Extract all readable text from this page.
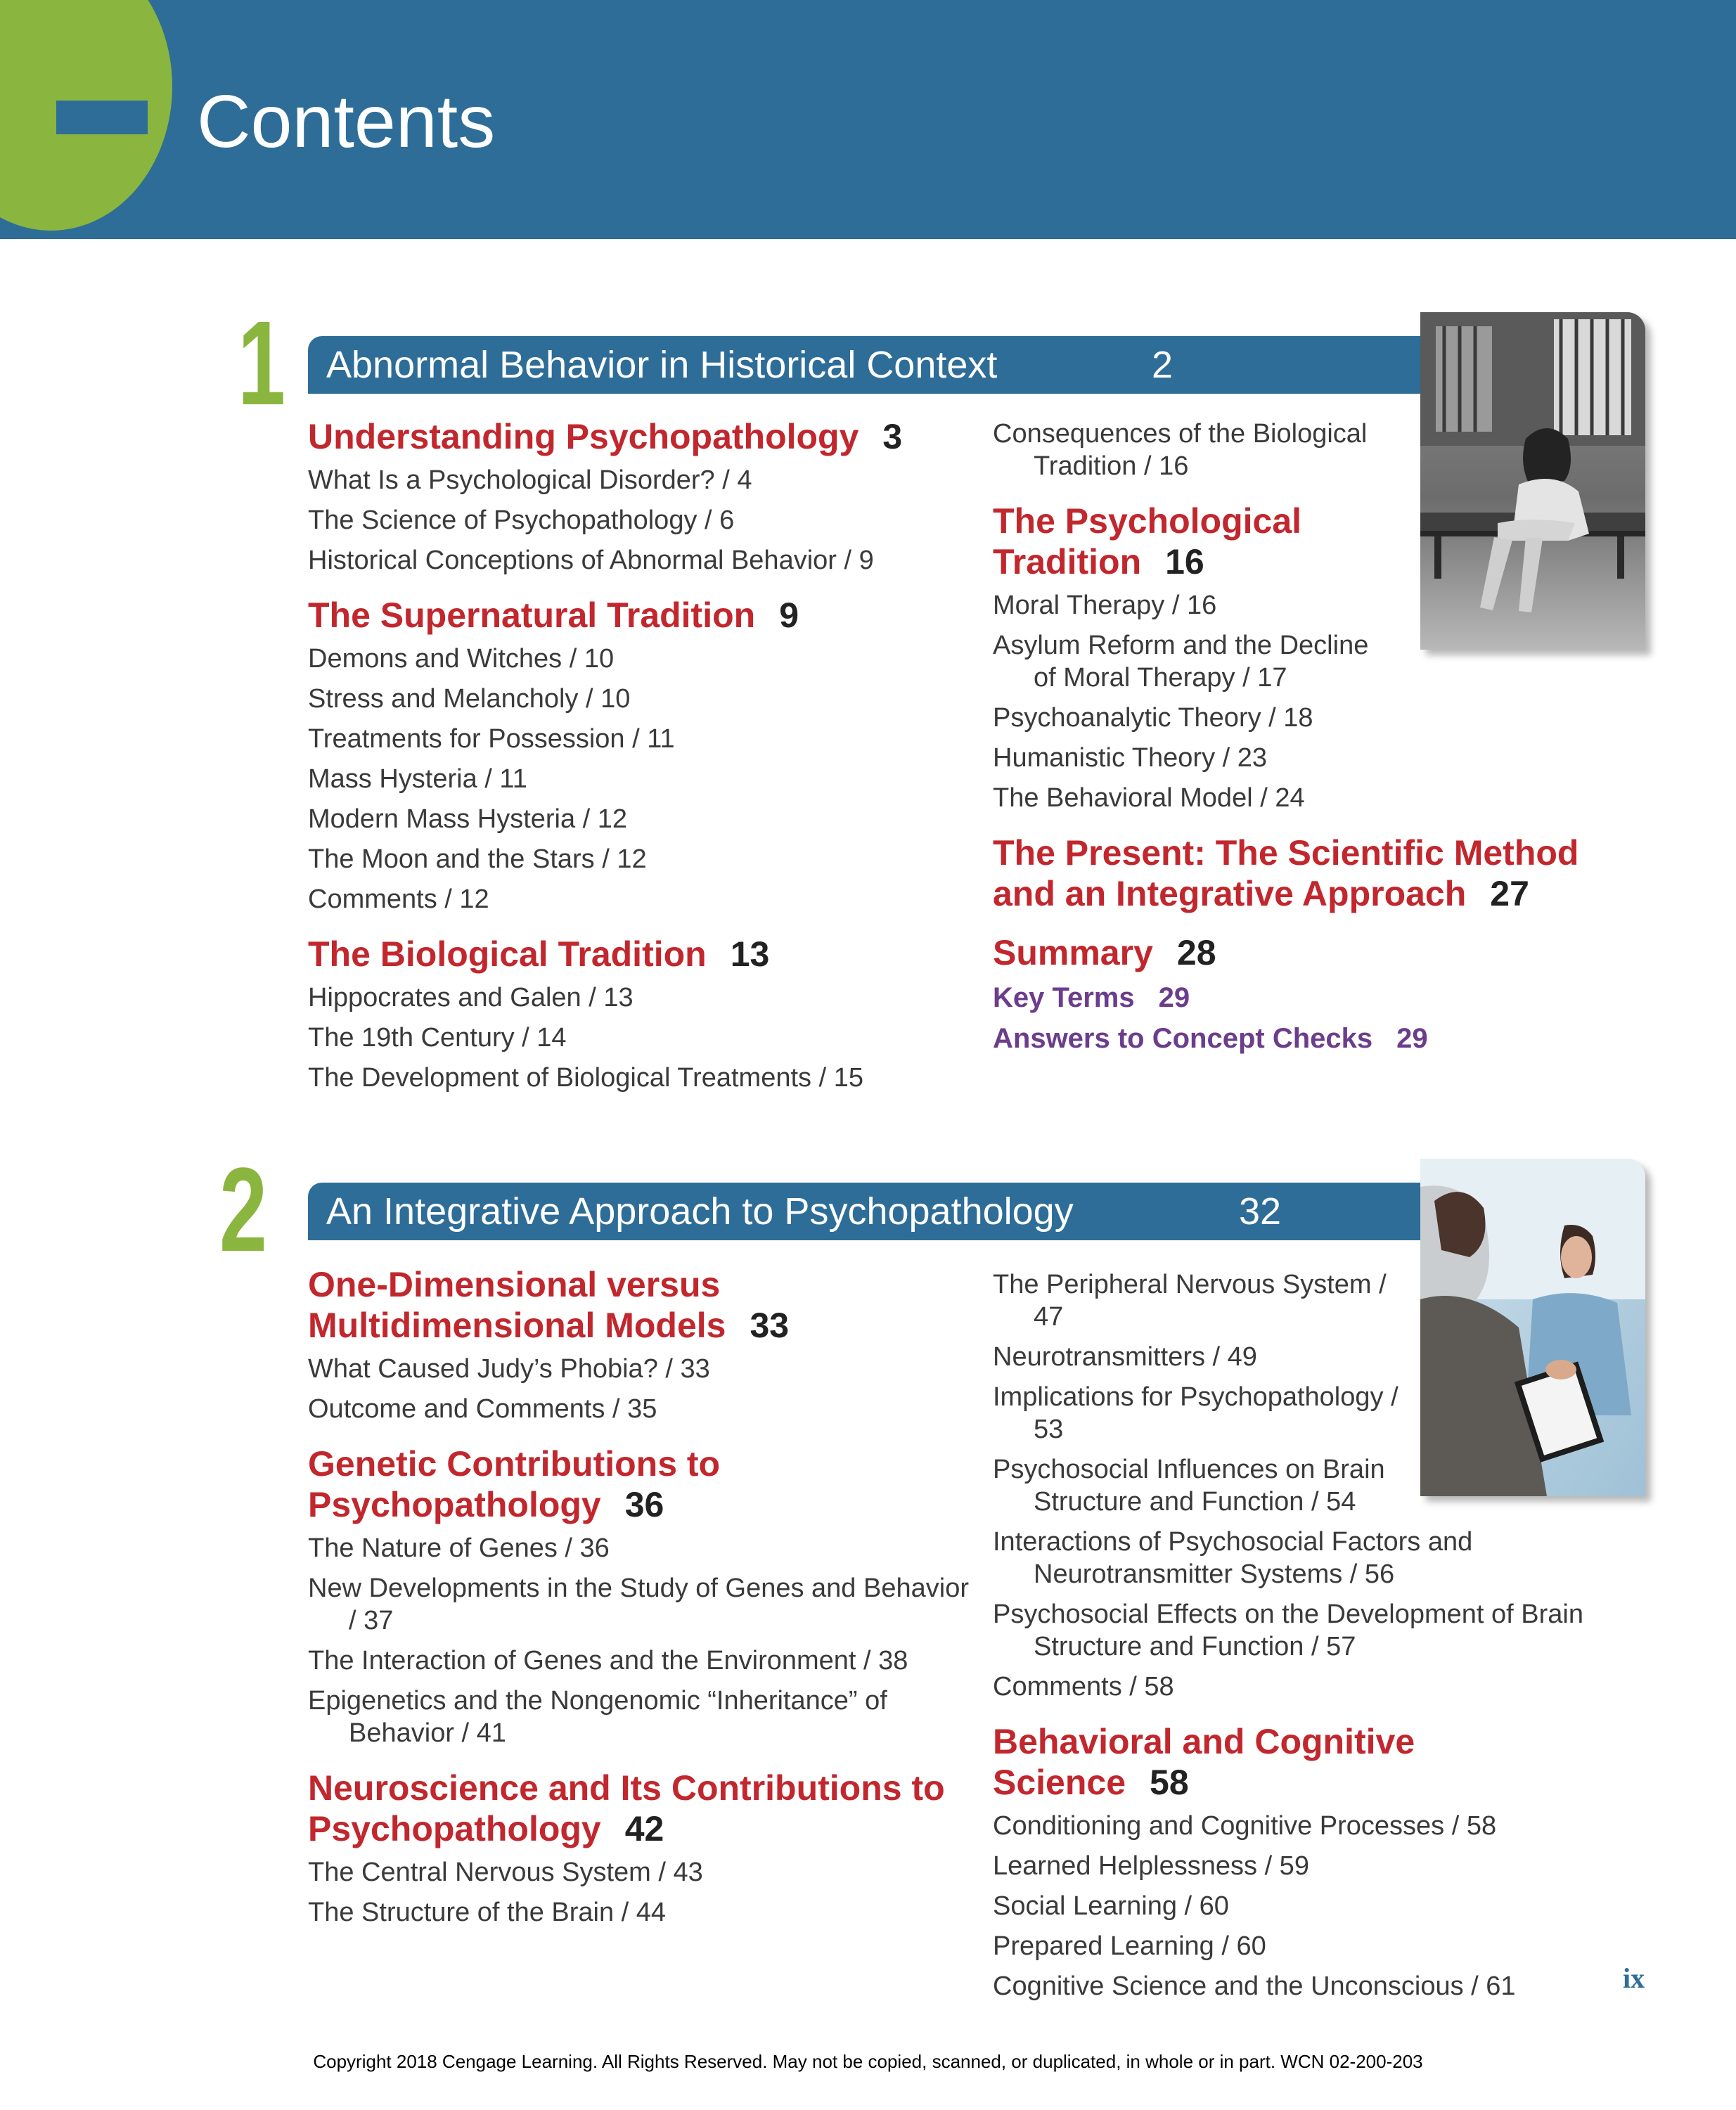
Contents
1 Abnormal Behavior in Historical Context	2
Understanding Psychopathology 3
What Is a Psychological Disorder? / 4
The Science of Psychopathology / 6
Historical Conceptions of Abnormal Behavior / 9
The Supernatural Tradition 9
Demons and Witches / 10
Stress and Melancholy / 10
Treatments for Possession / 11
Mass Hysteria / 11
Modern Mass Hysteria / 12
The Moon and the Stars / 12
Comments / 12
The Biological Tradition 13
Hippocrates and Galen / 13
The 19th Century / 14
The Development of Biological Treatments / 15
Consequences of the Biological Tradition / 16
The Psychological Tradition 16
Moral Therapy / 16
Asylum Reform and the Decline of Moral Therapy / 17
Psychoanalytic Theory / 18
Humanistic Theory / 23
The Behavioral Model / 24
The Present: The Scientific Method and an Integrative Approach 27
Summary 28
Key Terms 29
Answers to Concept Checks 29
2 An Integrative Approach to Psychopathology	32
One-Dimensional versus Multidimensional Models 33
What Caused Judy’s Phobia? / 33
Outcome and Comments / 35
Genetic Contributions to Psychopathology 36
The Nature of Genes / 36
New Developments in the Study of Genes and Behavior / 37
The Interaction of Genes and the Environment / 38
Epigenetics and the Nongenomic “Inheritance” of Behavior / 41
Neuroscience and Its Contributions to Psychopathology 42
The Central Nervous System / 43
The Structure of the Brain / 44
The Peripheral Nervous System / 47
Neurotransmitters / 49
Implications for Psychopathology / 53
Psychosocial Influences on Brain Structure and Function / 54
Interactions of Psychosocial Factors and Neurotransmitter Systems / 56
Psychosocial Effects on the Development of Brain Structure and Function / 57
Comments / 58
Behavioral and Cognitive Science 58
Conditioning and Cognitive Processes / 58
Learned Helplessness / 59
Social Learning / 60
Prepared Learning / 60
Cognitive Science and the Unconscious / 61	ix
Copyright 2018 Cengage Learning. All Rights Reserved. May not be copied, scanned, or duplicated, in whole or in part. WCN 02-200-203
